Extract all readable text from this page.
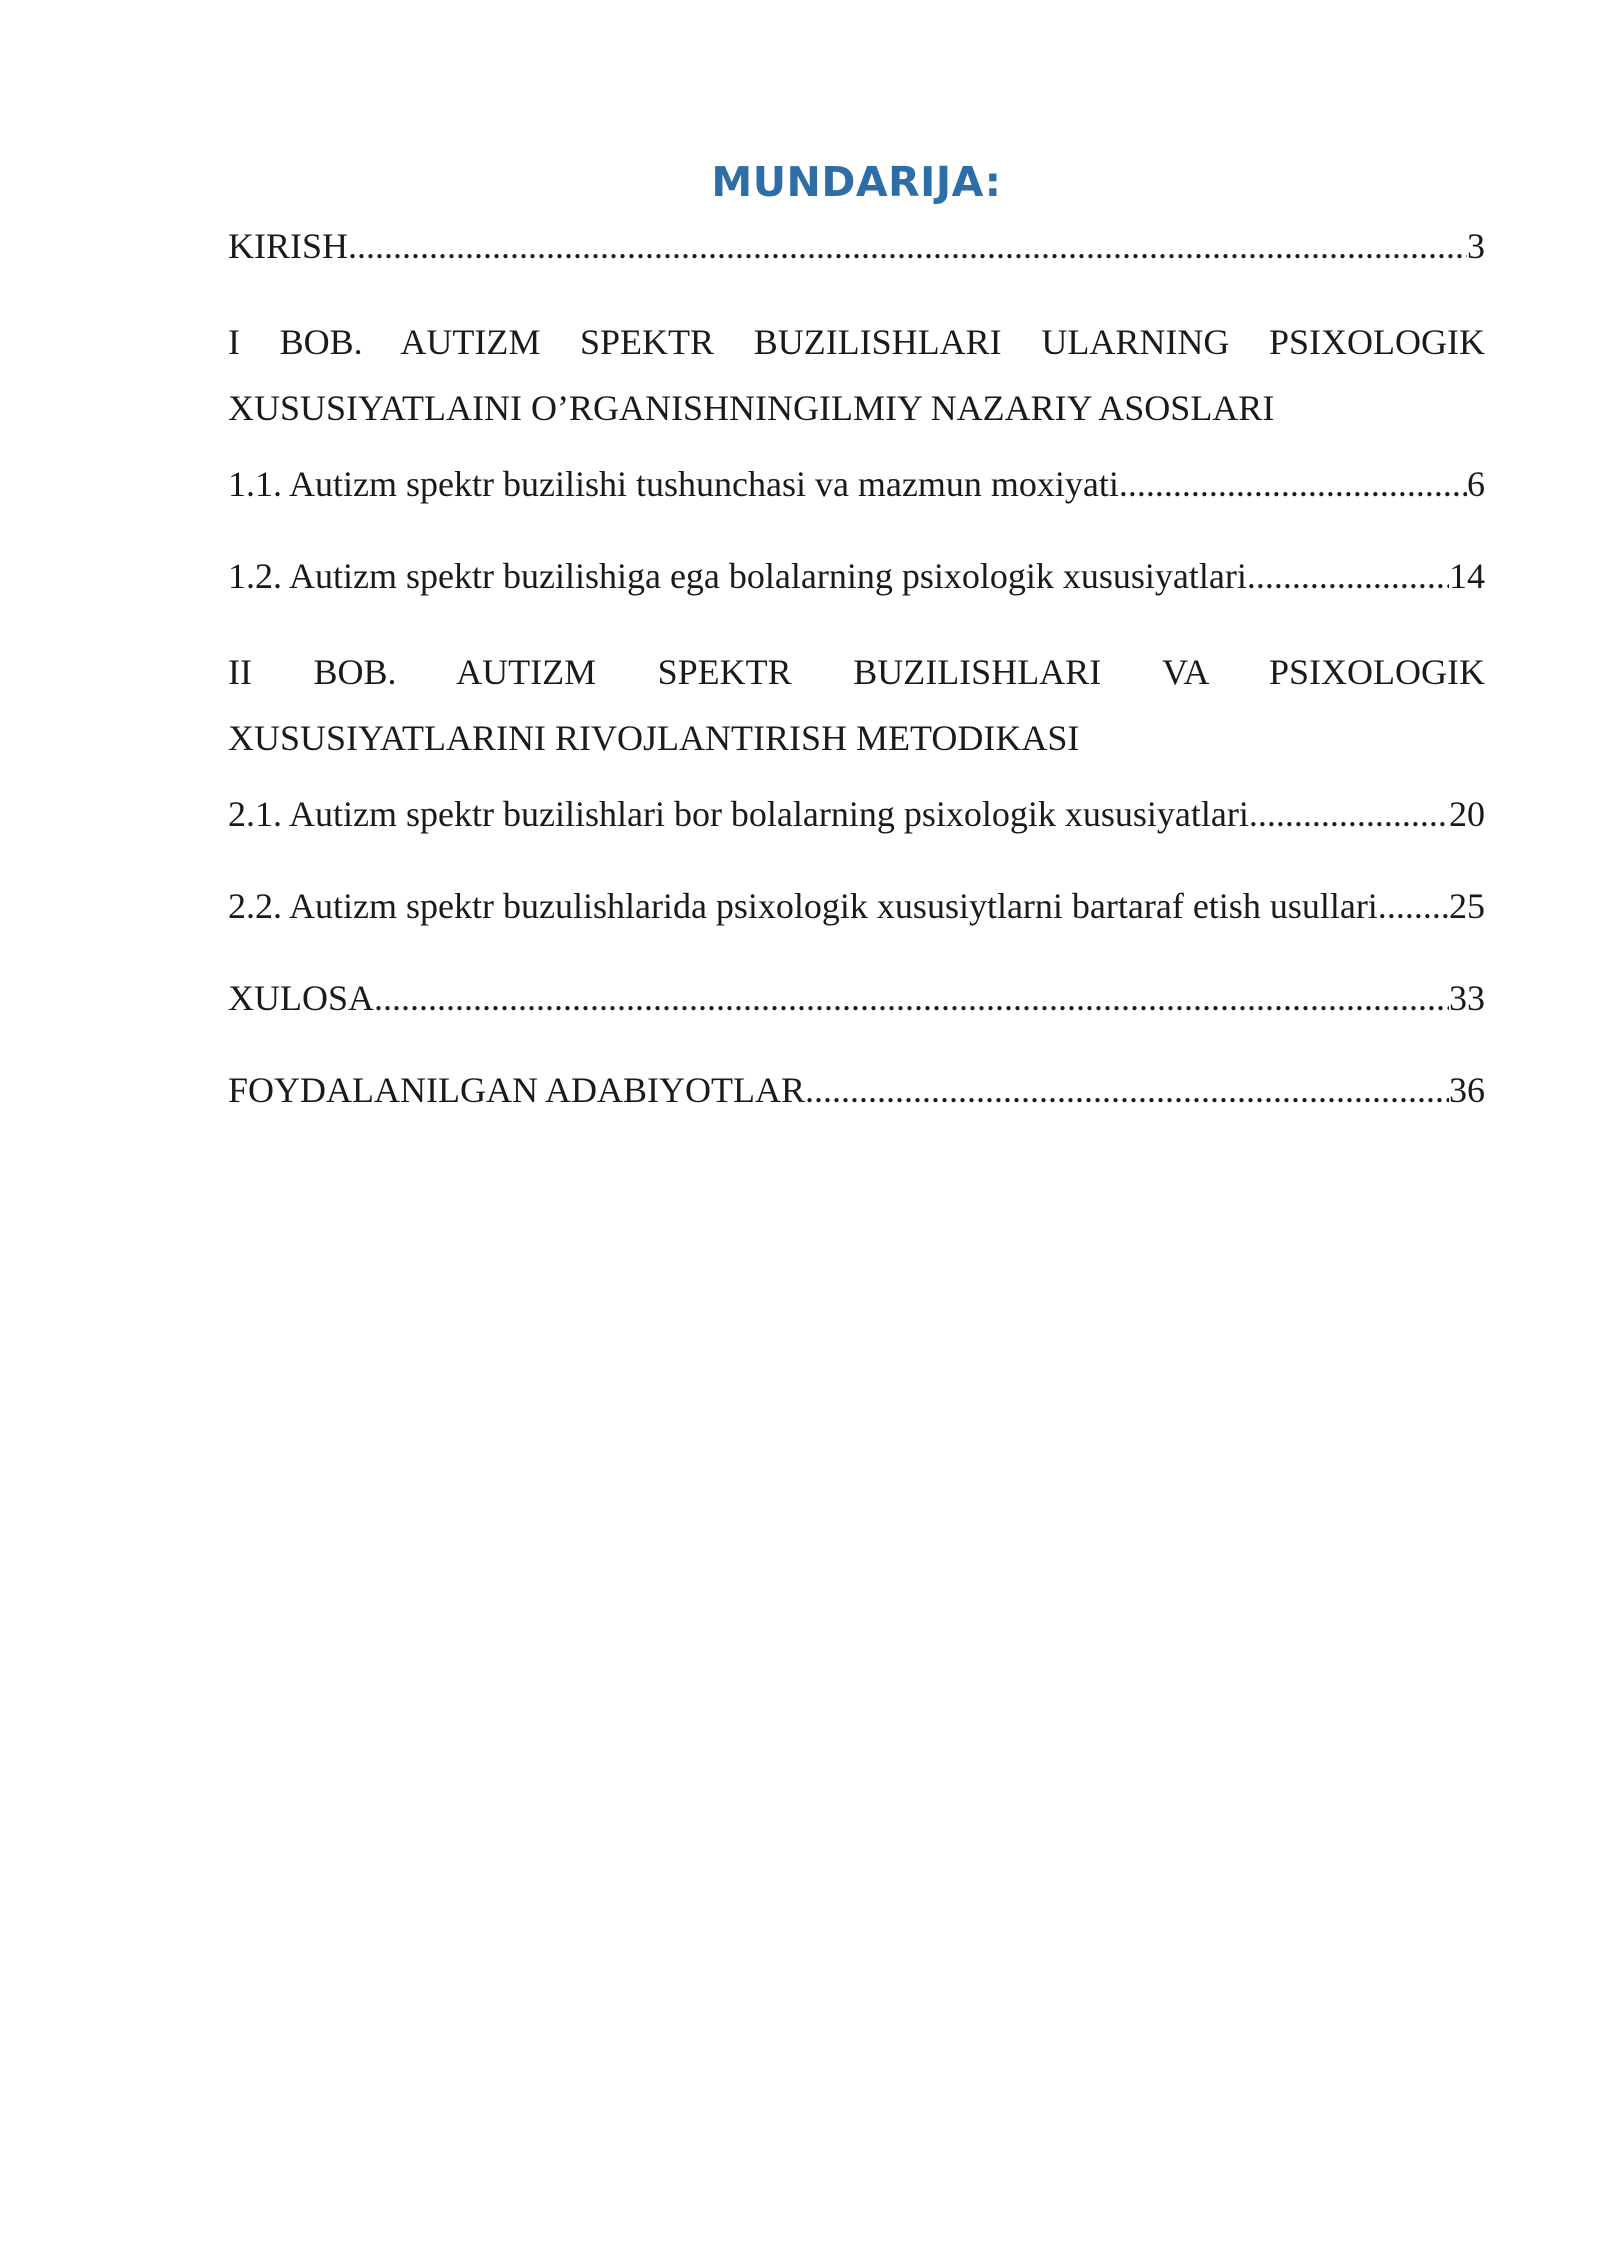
MUNDARIJA:
KIRISH .....	3
I BOB. AUTIZM SPEKTR BUZILISHLARI ULARNING PSIXOLOGIK
XUSUSIYATLAINI O’RGANISHNINGILMIY NAZARIY ASOSLARI
1.1. Autizm spektr buzilishi tushunchasi va mazmun moxiyati .....	6
1.2. Autizm spektr buzilishiga ega bolalarning psixologik xususiyatlari .....	14
II BOB. AUTIZM SPEKTR BUZILISHLARI VA PSIXOLOGIK
XUSUSIYATLARINI RIVOJLANTIRISH METODIKASI
2.1. Autizm spektr buzilishlari bor bolalarning psixologik xususiyatlari .....	20
2.2. Autizm spektr buzulishlarida psixologik xususiytlarni bartaraf etish usullari. ..... 25
XULOSA .....	33
FOYDALANILGAN ADABIYOTLAR .....	36
